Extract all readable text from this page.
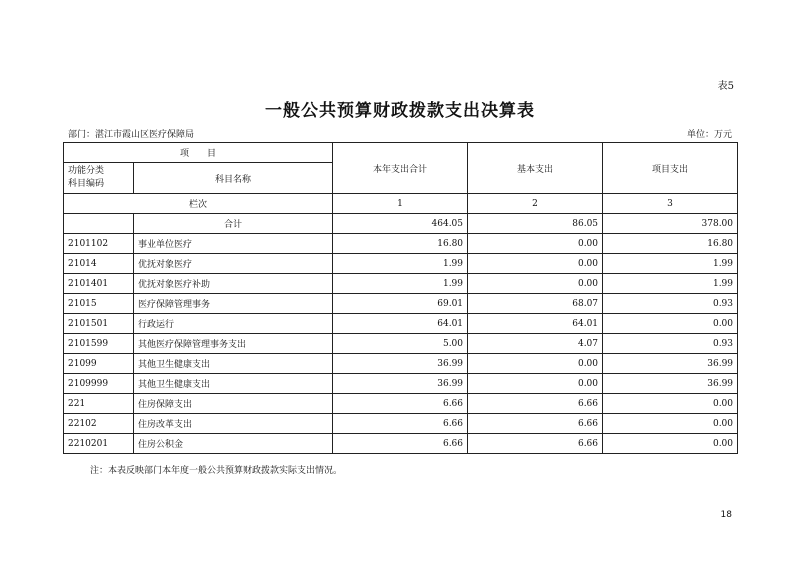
表5
一般公共预算财政拨款支出决算表
部门：湛江市霞山区医疗保障局	单位：万元
项　　目		本年支出合计	基本支出	项目支出
功能分类
科目编码	科目名称			
栏次		1	2	3
	合计	464.05	86.05	378.00
2101102	事业单位医疗	16.80	0.00	16.80
21014	优抚对象医疗	1.99	0.00	1.99
2101401	优抚对象医疗补助	1.99	0.00	1.99
21015	医疗保障管理事务	69.01	68.07	0.93
2101501	行政运行	64.01	64.01	0.00
2101599	其他医疗保障管理事务支出	5.00	4.07	0.93
21099	其他卫生健康支出	36.99	0.00	36.99
2109999	其他卫生健康支出	36.99	0.00	36.99
221	住房保障支出	6.66	6.66	0.00
22102	住房改革支出	6.66	6.66	0.00
2210201	住房公积金	6.66	6.66	0.00
注：本表反映部门本年度一般公共预算财政拨款实际支出情况。
18
